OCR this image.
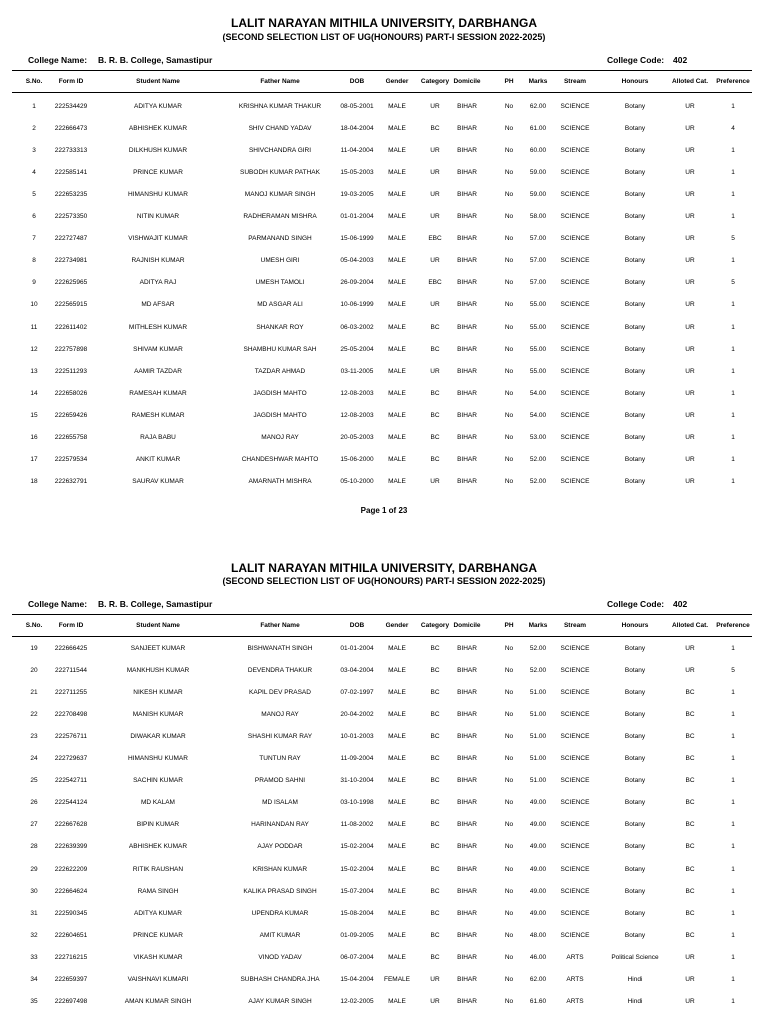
LALIT NARAYAN MITHILA UNIVERSITY, DARBHANGA
(SECOND SELECTION LIST OF UG(HONOURS) PART-I SESSION 2022-2025)
College Name: B. R. B. College, Samastipur	College Code: 402
S.No.	Form ID	Student Name	Father Name	DOB	Gender	Category Domicile	PH	Marks	Stream	Honours	Alloted Cat.	Preference
1	222534429	ADITYA KUMAR	KRISHNA KUMAR THAKUR	08-05-2001	MALE	UR	BIHAR	No	62.00	SCIENCE	Botany	UR	1
2	222666473	ABHISHEK KUMAR	SHIV CHAND YADAV	18-04-2004	MALE	BC	BIHAR	No	61.00	SCIENCE	Botany	UR	4
3	222733313	DILKHUSH KUMAR	SHIVCHANDRA GIRI	11-04-2004	MALE	UR	BIHAR	No	60.00	SCIENCE	Botany	UR	1
4	222585141	PRINCE KUMAR	SUBODH KUMAR PATHAK	15-05-2003	MALE	UR	BIHAR	No	59.00	SCIENCE	Botany	UR	1
5	222653235	HIMANSHU KUMAR	MANOJ KUMAR SINGH	19-03-2005	MALE	UR	BIHAR	No	59.00	SCIENCE	Botany	UR	1
6	222573350	NITIN KUMAR	RADHERAMAN MISHRA	01-01-2004	MALE	UR	BIHAR	No	58.00	SCIENCE	Botany	UR	1
7	222727487	VISHWAJIT KUMAR	PARMANAND SINGH	15-06-1999	MALE	EBC	BIHAR	No	57.00	SCIENCE	Botany	UR	5
8	222734981	RAJNISH KUMAR	UMESH GIRI	05-04-2003	MALE	UR	BIHAR	No	57.00	SCIENCE	Botany	UR	1
9	222625965	ADITYA RAJ	UMESH TAMOLI	26-09-2004	MALE	EBC	BIHAR	No	57.00	SCIENCE	Botany	UR	5
10	222565915	MD AFSAR	MD ASGAR ALI	10-06-1999	MALE	UR	BIHAR	No	55.00	SCIENCE	Botany	UR	1
11	222611402	MITHLESH KUMAR	SHANKAR ROY	06-03-2002	MALE	BC	BIHAR	No	55.00	SCIENCE	Botany	UR	1
12	222757898	SHIVAM KUMAR	SHAMBHU KUMAR SAH	25-05-2004	MALE	BC	BIHAR	No	55.00	SCIENCE	Botany	UR	1
13	222511293	AAMIR TAZDAR	TAZDAR AHMAD	03-11-2005	MALE	UR	BIHAR	No	55.00	SCIENCE	Botany	UR	1
14	222658026	RAMESAH KUMAR	JAGDISH MAHTO	12-08-2003	MALE	BC	BIHAR	No	54.00	SCIENCE	Botany	UR	1
15	222659426	RAMESH KUMAR	JAGDISH MAHTO	12-08-2003	MALE	BC	BIHAR	No	54.00	SCIENCE	Botany	UR	1
16	222655758	RAJA BABU	MANOJ RAY	20-05-2003	MALE	BC	BIHAR	No	53.00	SCIENCE	Botany	UR	1
17	222579534	ANKIT KUMAR	CHANDESHWAR MAHTO	15-06-2000	MALE	BC	BIHAR	No	52.00	SCIENCE	Botany	UR	1
18	222632791	SAURAV KUMAR	AMARNATH MISHRA	05-10-2000	MALE	UR	BIHAR	No	52.00	SCIENCE	Botany	UR	1
Page 1 of 23
LALIT NARAYAN MITHILA UNIVERSITY, DARBHANGA
(SECOND SELECTION LIST OF UG(HONOURS) PART-I SESSION 2022-2025)
College Name: B. R. B. College, Samastipur	College Code: 402
S.No.	Form ID	Student Name	Father Name	DOB	Gender	Category Domicile	PH	Marks	Stream	Honours	Alloted Cat.	Preference
19	222666425	SANJEET KUMAR	BISHWANATH SINGH	01-01-2004	MALE	BC	BIHAR	No	52.00	SCIENCE	Botany	UR	1
20	222711544	MANKHUSH KUMAR	DEVENDRA THAKUR	03-04-2004	MALE	BC	BIHAR	No	52.00	SCIENCE	Botany	UR	5
21	222711255	NIKESH KUMAR	KAPIL DEV PRASAD	07-02-1997	MALE	BC	BIHAR	No	51.00	SCIENCE	Botany	BC	1
22	222708498	MANISH KUMAR	MANOJ RAY	20-04-2002	MALE	BC	BIHAR	No	51.00	SCIENCE	Botany	BC	1
23	222576711	DIWAKAR KUMAR	SHASHI KUMAR RAY	10-01-2003	MALE	BC	BIHAR	No	51.00	SCIENCE	Botany	BC	1
24	222729637	HIMANSHU KUMAR	TUNTUN RAY	11-09-2004	MALE	BC	BIHAR	No	51.00	SCIENCE	Botany	BC	1
25	222542711	SACHIN KUMAR	PRAMOD SAHNI	31-10-2004	MALE	BC	BIHAR	No	51.00	SCIENCE	Botany	BC	1
26	222544124	MD KALAM	MD ISALAM	03-10-1998	MALE	BC	BIHAR	No	49.00	SCIENCE	Botany	BC	1
27	222667628	BIPIN KUMAR	HARINANDAN RAY	11-08-2002	MALE	BC	BIHAR	No	49.00	SCIENCE	Botany	BC	1
28	222639399	ABHISHEK KUMAR	AJAY PODDAR	15-02-2004	MALE	BC	BIHAR	No	49.00	SCIENCE	Botany	BC	1
29	222622209	RITIK RAUSHAN	KRISHAN KUMAR	15-02-2004	MALE	BC	BIHAR	No	49.00	SCIENCE	Botany	BC	1
30	222664624	RAMA SINGH	KALIKA PRASAD SINGH	15-07-2004	MALE	BC	BIHAR	No	49.00	SCIENCE	Botany	BC	1
31	222590345	ADITYA KUMAR	UPENDRA KUMAR	15-08-2004	MALE	BC	BIHAR	No	49.00	SCIENCE	Botany	BC	1
32	222604651	PRINCE KUMAR	AMIT KUMAR	01-09-2005	MALE	BC	BIHAR	No	48.00	SCIENCE	Botany	BC	1
33	222716215	VIKASH KUMAR	VINOD YADAV	06-07-2004	MALE	BC	BIHAR	No	46.00	ARTS	Political Science	UR	1
34	222659397	VAISHNAVI KUMARI	SUBHASH CHANDRA JHA	15-04-2004	FEMALE	UR	BIHAR	No	62.00	ARTS	Hindi	UR	1
35	222697498	AMAN KUMAR SINGH	AJAY KUMAR SINGH	12-02-2005	MALE	UR	BIHAR	No	61.60	ARTS	Hindi	UR	1
